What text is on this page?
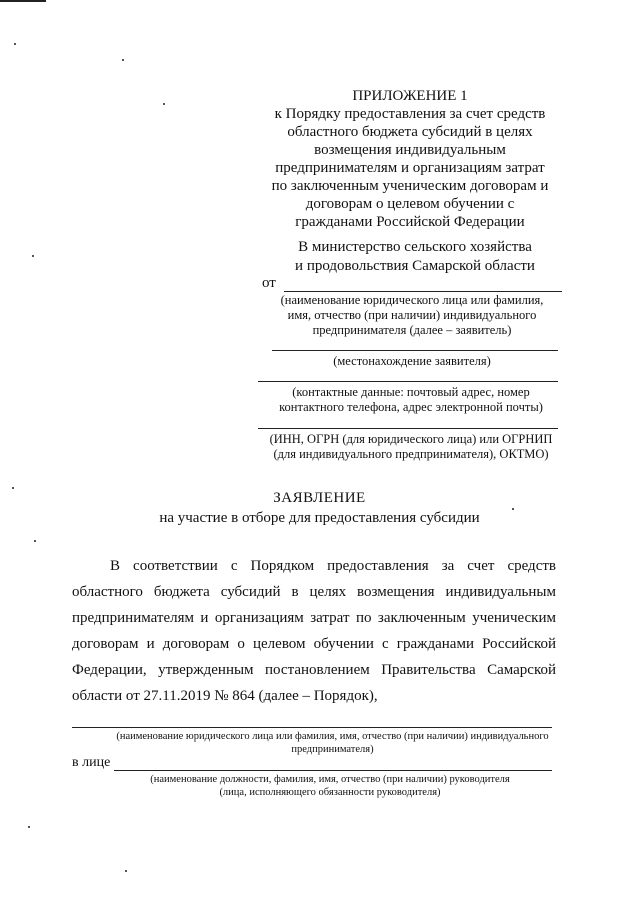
ПРИЛОЖЕНИЕ 1
к Порядку предоставления за счет средств
областного бюджета субсидий в целях
возмещения индивидуальным
предпринимателям и организациям затрат
по заключенным ученическим договорам и
договорам о целевом обучении с
гражданами Российской Федерации
В министерство сельского хозяйства
и продовольствия Самарской области
от
(наименование юридического лица или фамилия,
имя, отчество (при наличии) индивидуального
предпринимателя (далее – заявитель)
(местонахождение заявителя)
(контактные данные: почтовый адрес, номер
контактного телефона, адрес электронной почты)
(ИНН, ОГРН (для юридического лица) или ОГРНИП
(для индивидуального предпринимателя), ОКТМО)
ЗАЯВЛЕНИЕ
на участие в отборе для предоставления субсидии
В соответствии с Порядком предоставления за счет средств
областного бюджета субсидий в целях возмещения индивидуальным
предпринимателям и организациям затрат по заключенным ученическим
договорам и договорам о целевом обучении с гражданами Российской
Федерации, утвержденным постановлением Правительства Самарской
области от 27.11.2019 № 864 (далее – Порядок),
(наименование юридического лица или фамилия, имя, отчество (при наличии) индивидуального
предпринимателя)
в лице
(наименование должности, фамилия, имя, отчество (при наличии) руководителя
(лица, исполняющего обязанности руководителя)
